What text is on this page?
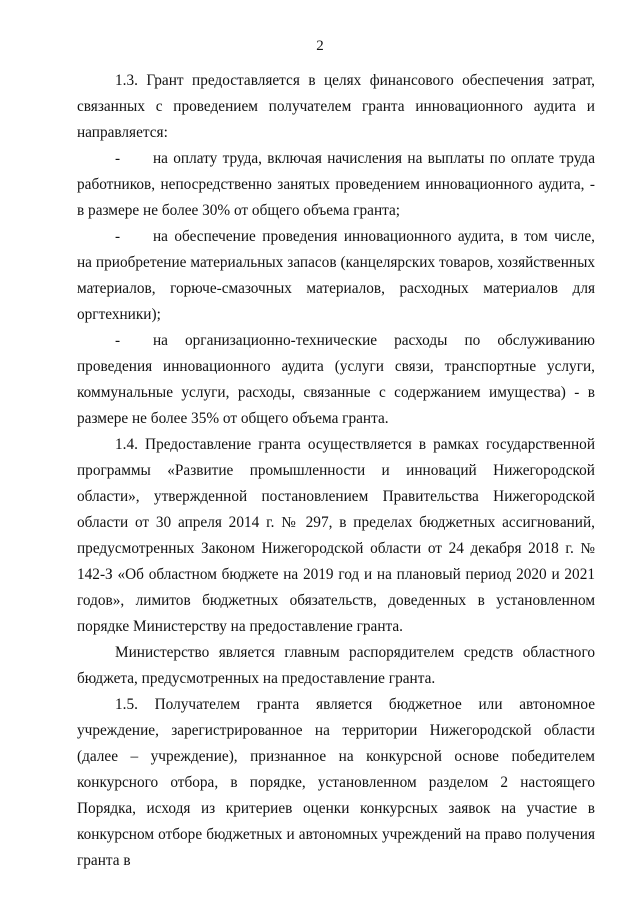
2

1.3. Грант предоставляется в целях финансового обеспечения затрат, связанных с проведением получателем гранта инновационного аудита и направляется:

- на оплату труда, включая начисления на выплаты по оплате труда работников, непосредственно занятых проведением инновационного аудита, - в размере не более 30% от общего объема гранта;

- на обеспечение проведения инновационного аудита, в том числе, на приобретение материальных запасов (канцелярских товаров, хозяйственных материалов, горюче-смазочных материалов, расходных материалов для оргтехники);

- на организационно-технические расходы по обслуживанию проведения инновационного аудита (услуги связи, транспортные услуги, коммунальные услуги, расходы, связанные с содержанием имущества) - в размере не более 35% от общего объема гранта.

1.4. Предоставление гранта осуществляется в рамках государственной программы «Развитие промышленности и инноваций Нижегородской области», утвержденной постановлением Правительства Нижегородской области от 30 апреля 2014 г. № 297, в пределах бюджетных ассигнований, предусмотренных Законом Нижегородской области от 24 декабря 2018 г. № 142-З «Об областном бюджете на 2019 год и на плановый период 2020 и 2021 годов», лимитов бюджетных обязательств, доведенных в установленном порядке Министерству на предоставление гранта.

Министерство является главным распорядителем средств областного бюджета, предусмотренных на предоставление гранта.

1.5. Получателем гранта является бюджетное или автономное учреждение, зарегистрированное на территории Нижегородской области (далее – учреждение), признанное на конкурсной основе победителем конкурсного отбора, в порядке, установленном разделом 2 настоящего Порядка, исходя из критериев оценки конкурсных заявок на участие в конкурсном отборе бюджетных и автономных учреждений на право получения гранта в
